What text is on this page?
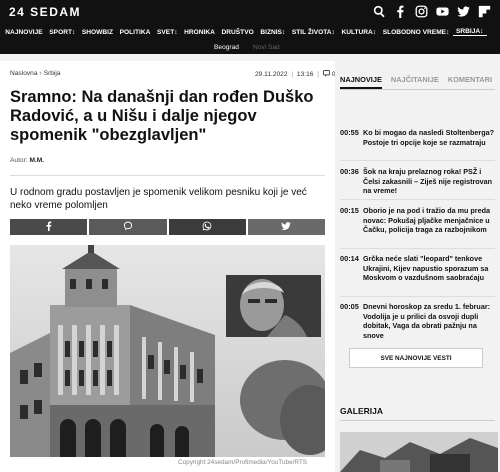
24 SEDAM
NAJNOVIJE SPORT↕ SHOWBIZ POLITIKA SVET↕ HRONIKA DRUŠTVO BIZNIS↕ STIL ŽIVOTA↕ KULTURA↕ SLOBODNO VREME↕ SRBIJA↕
Beograd Novi Sad
Naslovna › Srbija	29.11.2022 | 13:16 | 0
Sramno: Na današnji dan rođen Duško Radović, a u Nišu i dalje njegov spomenik "obezglavljen"
Autor: M.M.

U rodnom gradu postavljen je spomenik velikom pesniku koji je već neko vreme polomljen

Copyright 24sedam/Profimedia/YouTube/RTS
NAJNOVIJE NAJČITANIJE KOMENTARI
00:55 Ko bi mogao da nasledi Stoltenberga? Postoje tri opcije koje se razmatraju
00:36 Šok na kraju prelaznog roka! PSŽ i Čelsi zakasnili – Ziješ nije registrovan na vreme!
00:15 Oborio je na pod i tražio da mu preda novac: Pokušaj pljačke menjačnice u Čačku, policija traga za razbojnikom
00:14 Grčka neće slati "leopard" tenkove Ukrajini, Kijev napustio sporazum sa Moskvom o vazdušnom saobraćaju
00:05 Dnevni horoskop za sredu 1. februar: Vodolija je u prilici da osvoji dupli dobitak, Vaga da obrati pažnju na snove
SVE NAJNOVIJE VESTI
GALERIJA
